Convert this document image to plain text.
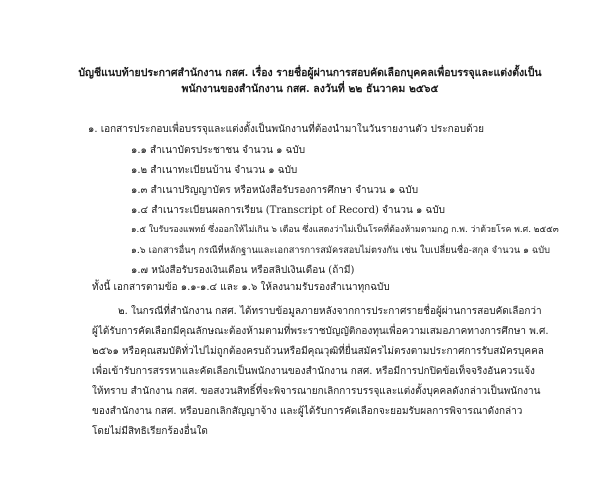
บัญชีแนบท้ายประกาศสำนักงาน กสศ. เรื่อง รายชื่อผู้ผ่านการสอบคัดเลือกบุคคลเพื่อบรรจุและแต่งตั้งเป็น
พนักงานของสำนักงาน กสศ. ลงวันที่ ๒๒ ธันวาคม ๒๕๖๕
๑. เอกสารประกอบเพื่อบรรจุและแต่งตั้งเป็นพนักงานที่ต้องนำมาในวันรายงานตัว ประกอบด้วย
๑.๑ สำเนาบัตรประชาชน จำนวน ๑ ฉบับ
๑.๒ สำเนาทะเบียนบ้าน จำนวน ๑ ฉบับ
๑.๓ สำเนาปริญญาบัตร หรือหนังสือรับรองการศึกษา จำนวน ๑ ฉบับ
๑.๔ สำเนาระเบียนผลการเรียน (Transcript of Record) จำนวน ๑ ฉบับ
๑.๕ ใบรับรองแพทย์ ซึ่งออกให้ไม่เกิน ๖ เดือน ซึ่งแสดงว่าไม่เป็นโรคที่ต้องห้ามตามกฎ ก.พ. ว่าด้วยโรค พ.ศ. ๒๕๕๓
๑.๖ เอกสารอื่นๆ กรณีที่หลักฐานและเอกสารการสมัครสอบไม่ตรงกัน เช่น ใบเปลี่ยนชื่อ-สกุล จำนวน ๑ ฉบับ
๑.๗ หนังสือรับรองเงินเดือน หรือสลิปเงินเดือน (ถ้ามี)
ทั้งนี้ เอกสารตามข้อ ๑.๑-๑.๔ และ ๑.๖ ให้ลงนามรับรองสำเนาทุกฉบับ
๒. ในกรณีที่สำนักงาน กสศ. ได้ทราบข้อมูลภายหลังจากการประกาศรายชื่อผู้ผ่านการสอบคัดเลือกว่า
ผู้ได้รับการคัดเลือกมีคุณลักษณะต้องห้ามตามที่พระราชบัญญัติกองทุนเพื่อความเสมอภาคทางการศึกษา พ.ศ.
๒๕๖๑ หรือคุณสมบัติทั่วไปไม่ถูกต้องครบถ้วนหรือมีคุณวุฒิที่ยื่นสมัครไม่ตรงตามประกาศการรับสมัครบุคคล
เพื่อเข้ารับการสรรหาและคัดเลือกเป็นพนักงานของสำนักงาน กสศ. หรือมีการปกปิดข้อเท็จจริงอันควรแจ้ง
ให้ทราบ สำนักงาน กสศ. ขอสงวนสิทธิ์ที่จะพิจารณายกเลิกการบรรจุและแต่งตั้งบุคคลดังกล่าวเป็นพนักงาน
ของสำนักงาน กสศ. หรือบอกเลิกสัญญาจ้าง และผู้ได้รับการคัดเลือกจะยอมรับผลการพิจารณาดังกล่าว
โดยไม่มีสิทธิเรียกร้องอื่นใด
